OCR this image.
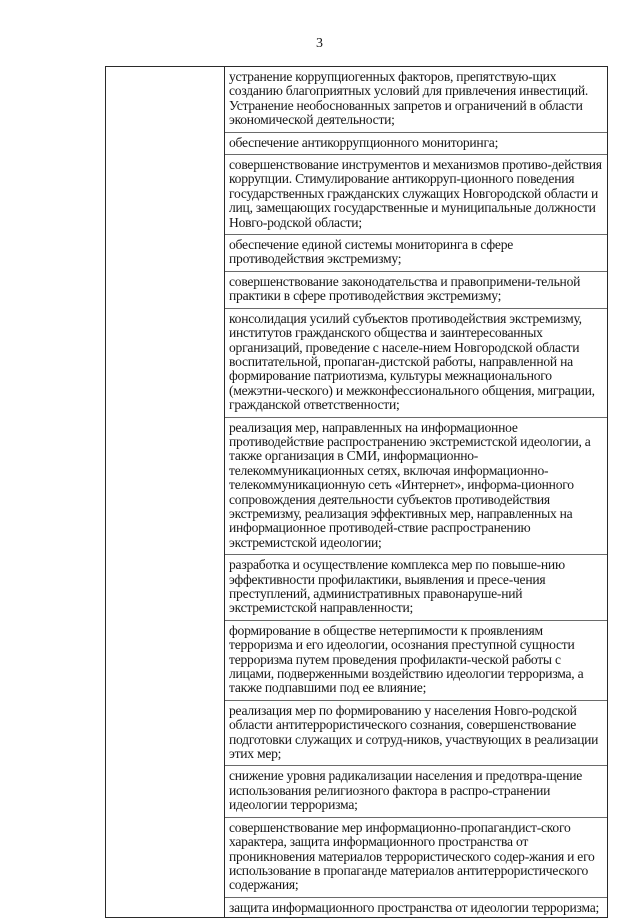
3

устранение коррупциогенных факторов, препятствую-щих созданию благоприятных условий для привлечения инвестиций. Устранение необоснованных запретов и ограничений в области экономической деятельности;
обеспечение антикоррупционного мониторинга;
совершенствование инструментов и механизмов противо-действия коррупции. Стимулирование антикорруп-ционного поведения государственных гражданских служащих Новгородской области и лиц, замещающих государственные и муниципальные должности Новго-родской области;
обеспечение единой системы мониторинга в сфере противодействия экстремизму;
совершенствование законодательства и правопримени-тельной практики в сфере противодействия экстремизму;
консолидация усилий субъектов противодействия экстремизму, институтов гражданского общества и заинтересованных организаций, проведение с населе-нием Новгородской области воспитательной, пропаган-дистской работы, направленной на формирование патриотизма, культуры межнационального (межэтни-ческого) и межконфессионального общения, миграции, гражданской ответственности;
реализация мер, направленных на информационное противодействие распространению экстремистской идеологии, а также организация в СМИ, информационно-телекоммуникационных сетях, включая информационно-телекоммуникационную сеть «Интернет», информа-ционного сопровождения деятельности субъектов противодействия экстремизму, реализация эффективных мер, направленных на информационное противодей-ствие распространению экстремистской идеологии;
разработка и осуществление комплекса мер по повыше-нию эффективности профилактики, выявления и пресе-чения преступлений, административных правонаруше-ний экстремистской направленности;
формирование в обществе нетерпимости к проявлениям терроризма и его идеологии, осознания преступной сущности терроризма путем проведения профилакти-ческой работы с лицами, подверженными воздействию идеологии терроризма, а также подпавшими под ее влияние;
реализация мер по формированию у населения Новго-родской области антитеррористического сознания, совершенствование подготовки служащих и сотруд-ников, участвующих в реализации этих мер;
снижение уровня радикализации населения и предотвра-щение использования религиозного фактора в распро-странении идеологии терроризма;
совершенствование мер информационно-пропагандист-ского характера, защита информационного пространства от проникновения материалов террористического содер-жания и его использование в пропаганде материалов антитеррористического содержания;
защита информационного пространства от идеологии терроризма;
